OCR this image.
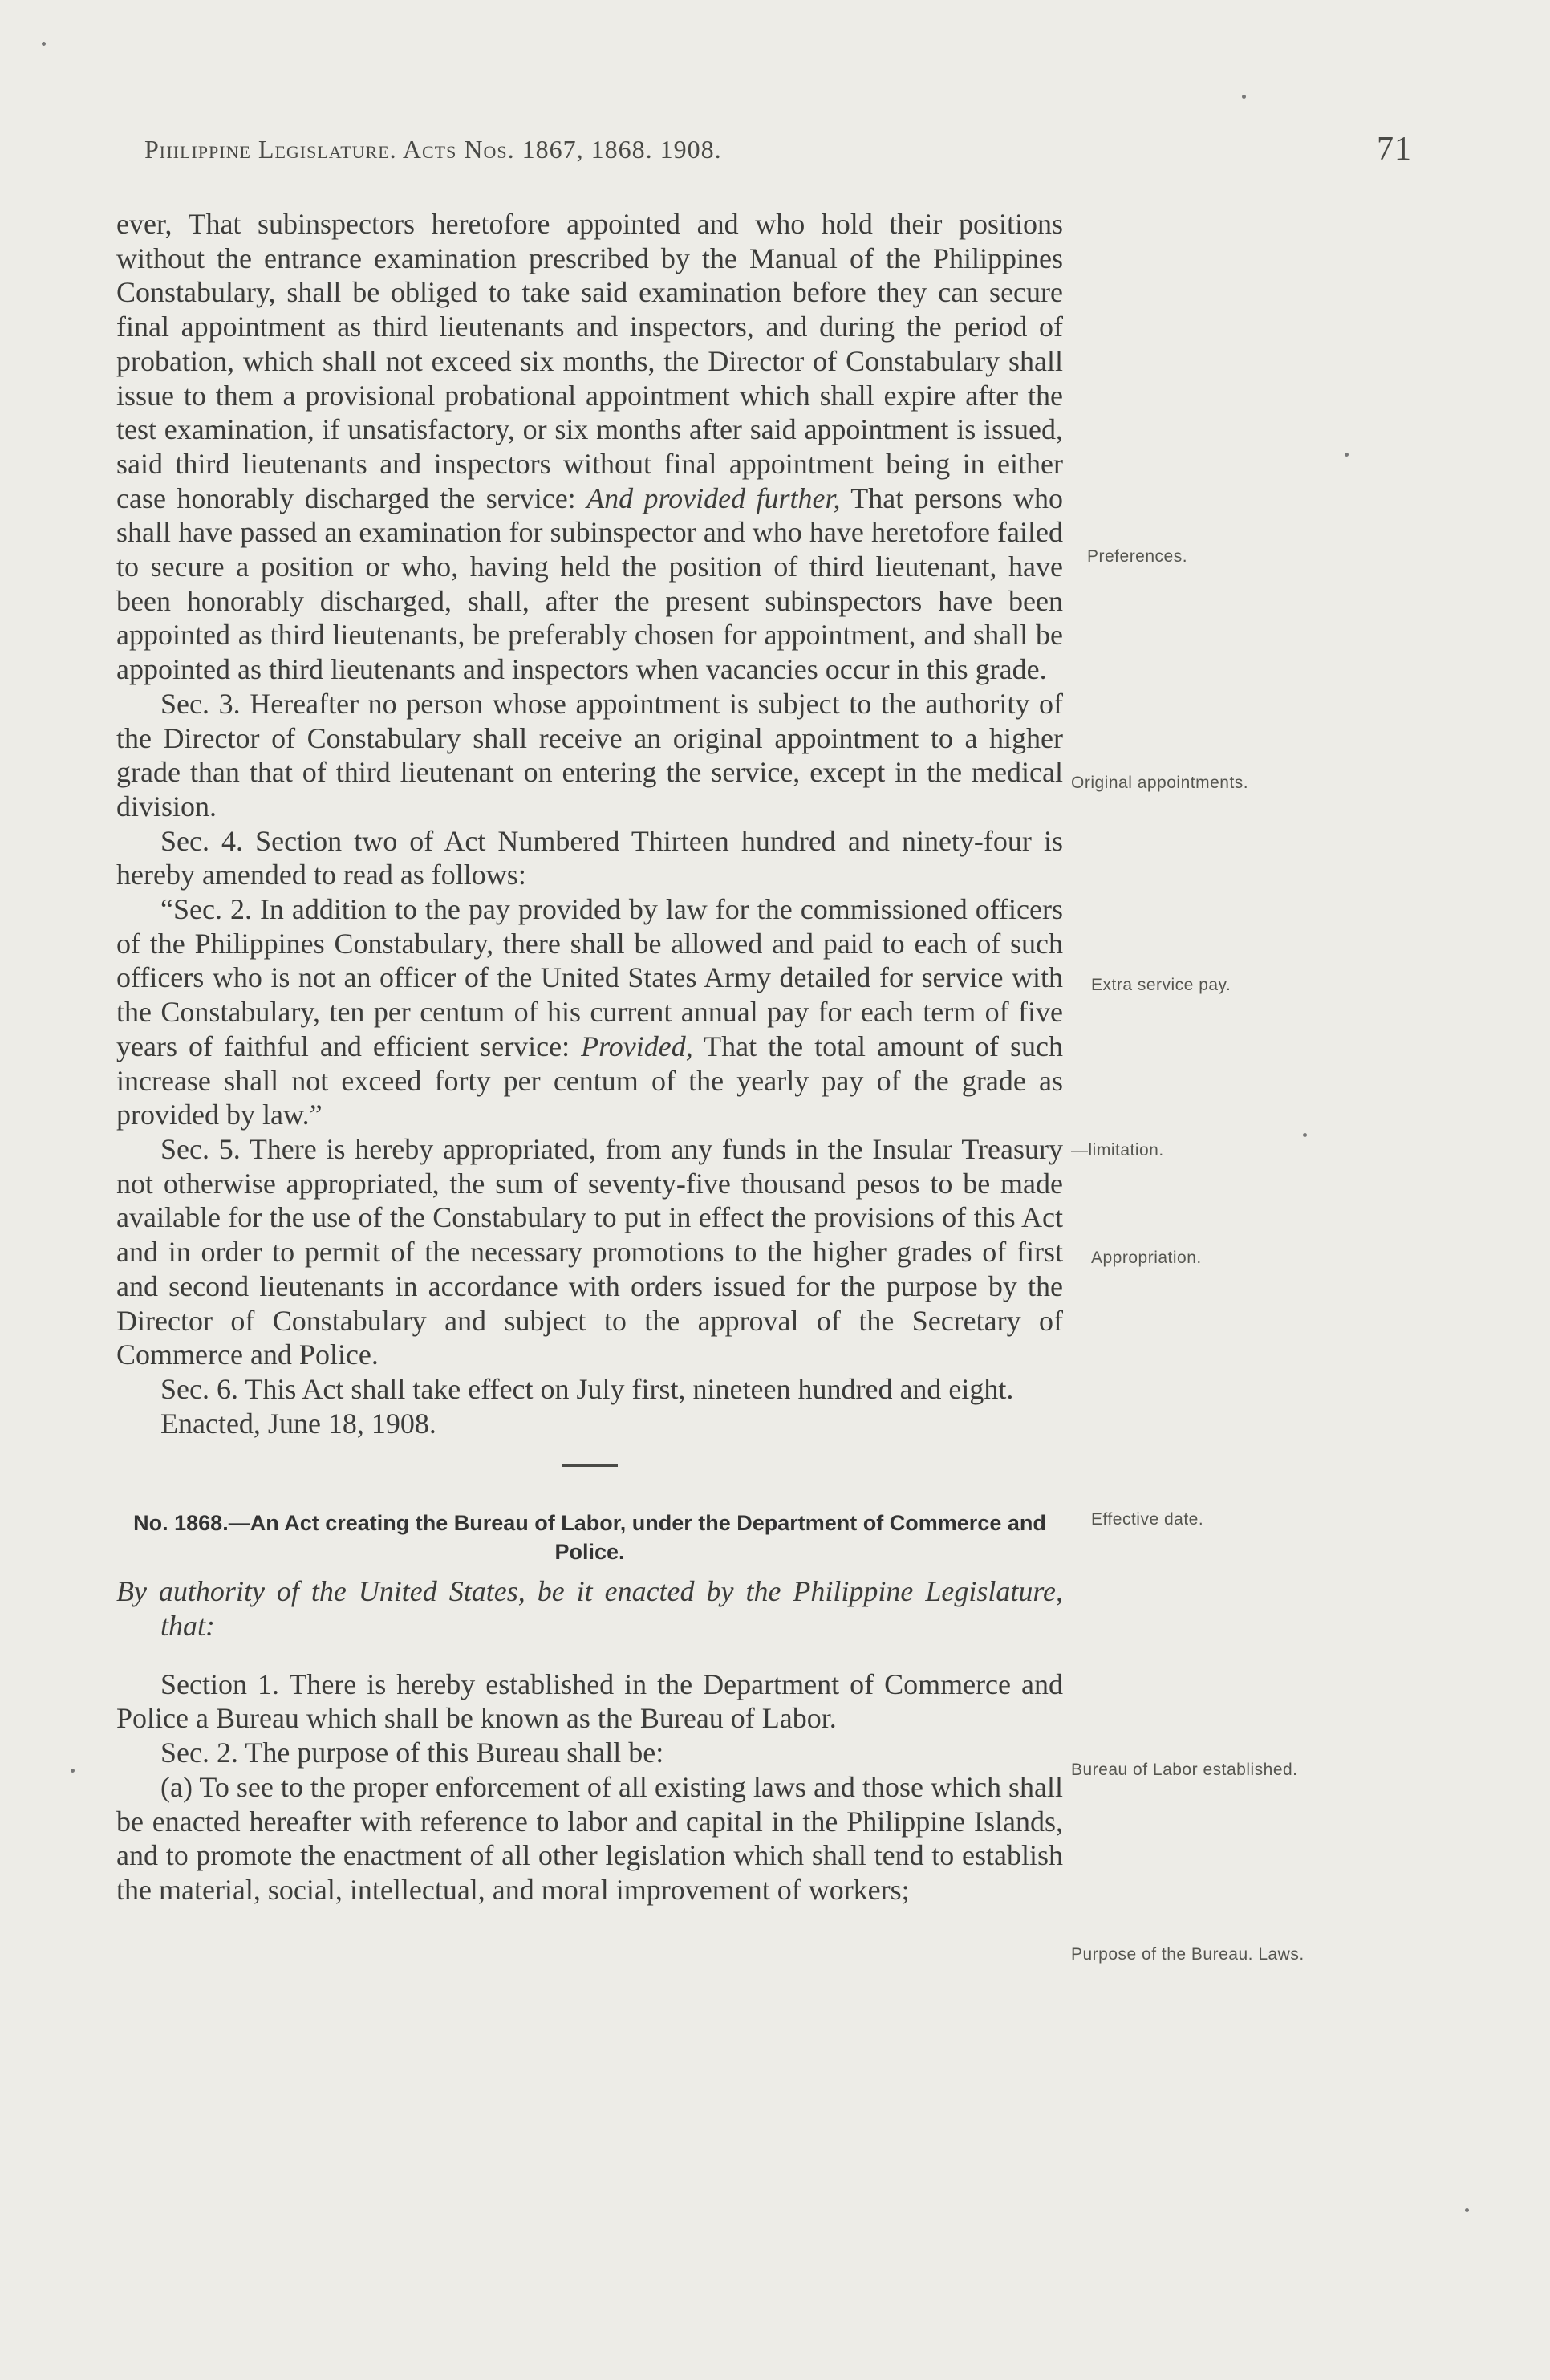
Philippine Legislature. Acts Nos. 1867, 1868. 1908.	71

ever, That subinspectors heretofore appointed and who hold their positions without the entrance examination prescribed by the Manual of the Philippines Constabulary, shall be obliged to take said examination before they can secure final appointment as third lieutenants and inspectors, and during the period of probation, which shall not exceed six months, the Director of Constabulary shall issue to them a provisional probational appointment which shall expire after the test examination, if unsatisfactory, or six months after said appointment is issued, said third lieutenants and inspectors without final appointment being in either case honorably discharged the service: And provided further, That persons who shall have passed an examination for subinspector and who have heretofore failed to secure a position or who, having held the position of third lieutenant, have been honorably discharged, shall, after the present subinspectors have been appointed as third lieutenants, be preferably chosen for appointment, and shall be appointed as third lieutenants and inspectors when vacancies occur in this grade.

Sec. 3. Hereafter no person whose appointment is subject to the authority of the Director of Constabulary shall receive an original appointment to a higher grade than that of third lieutenant on entering the service, except in the medical division.

Sec. 4. Section two of Act Numbered Thirteen hundred and ninety-four is hereby amended to read as follows:

“Sec. 2. In addition to the pay provided by law for the commissioned officers of the Philippines Constabulary, there shall be allowed and paid to each of such officers who is not an officer of the United States Army detailed for service with the Constabulary, ten per centum of his current annual pay for each term of five years of faithful and efficient service: Provided, That the total amount of such increase shall not exceed forty per centum of the yearly pay of the grade as provided by law.”

Sec. 5. There is hereby appropriated, from any funds in the Insular Treasury not otherwise appropriated, the sum of seventy-five thousand pesos to be made available for the use of the Constabulary to put in effect the provisions of this Act and in order to permit of the necessary promotions to the higher grades of first and second lieutenants in accordance with orders issued for the purpose by the Director of Constabulary and subject to the approval of the Secretary of Commerce and Police.

Sec. 6. This Act shall take effect on July first, nineteen hundred and eight.

Enacted, June 18, 1908.

No. 1868.—An Act creating the Bureau of Labor, under the Department of Commerce and Police.

By authority of the United States, be it enacted by the Philippine Legislature, that:

Section 1. There is hereby established in the Department of Commerce and Police a Bureau which shall be known as the Bureau of Labor.

Sec. 2. The purpose of this Bureau shall be:

(a) To see to the proper enforcement of all existing laws and those which shall be enacted hereafter with reference to labor and capital in the Philippine Islands, and to promote the enactment of all other legislation which shall tend to establish the material, social, intellectual, and moral improvement of workers;

Preferences.
Original appointments.
Extra service pay.
—limitation.
Appropriation.
Effective date.
Bureau of Labor established.
Purpose of the Bureau. Laws.
